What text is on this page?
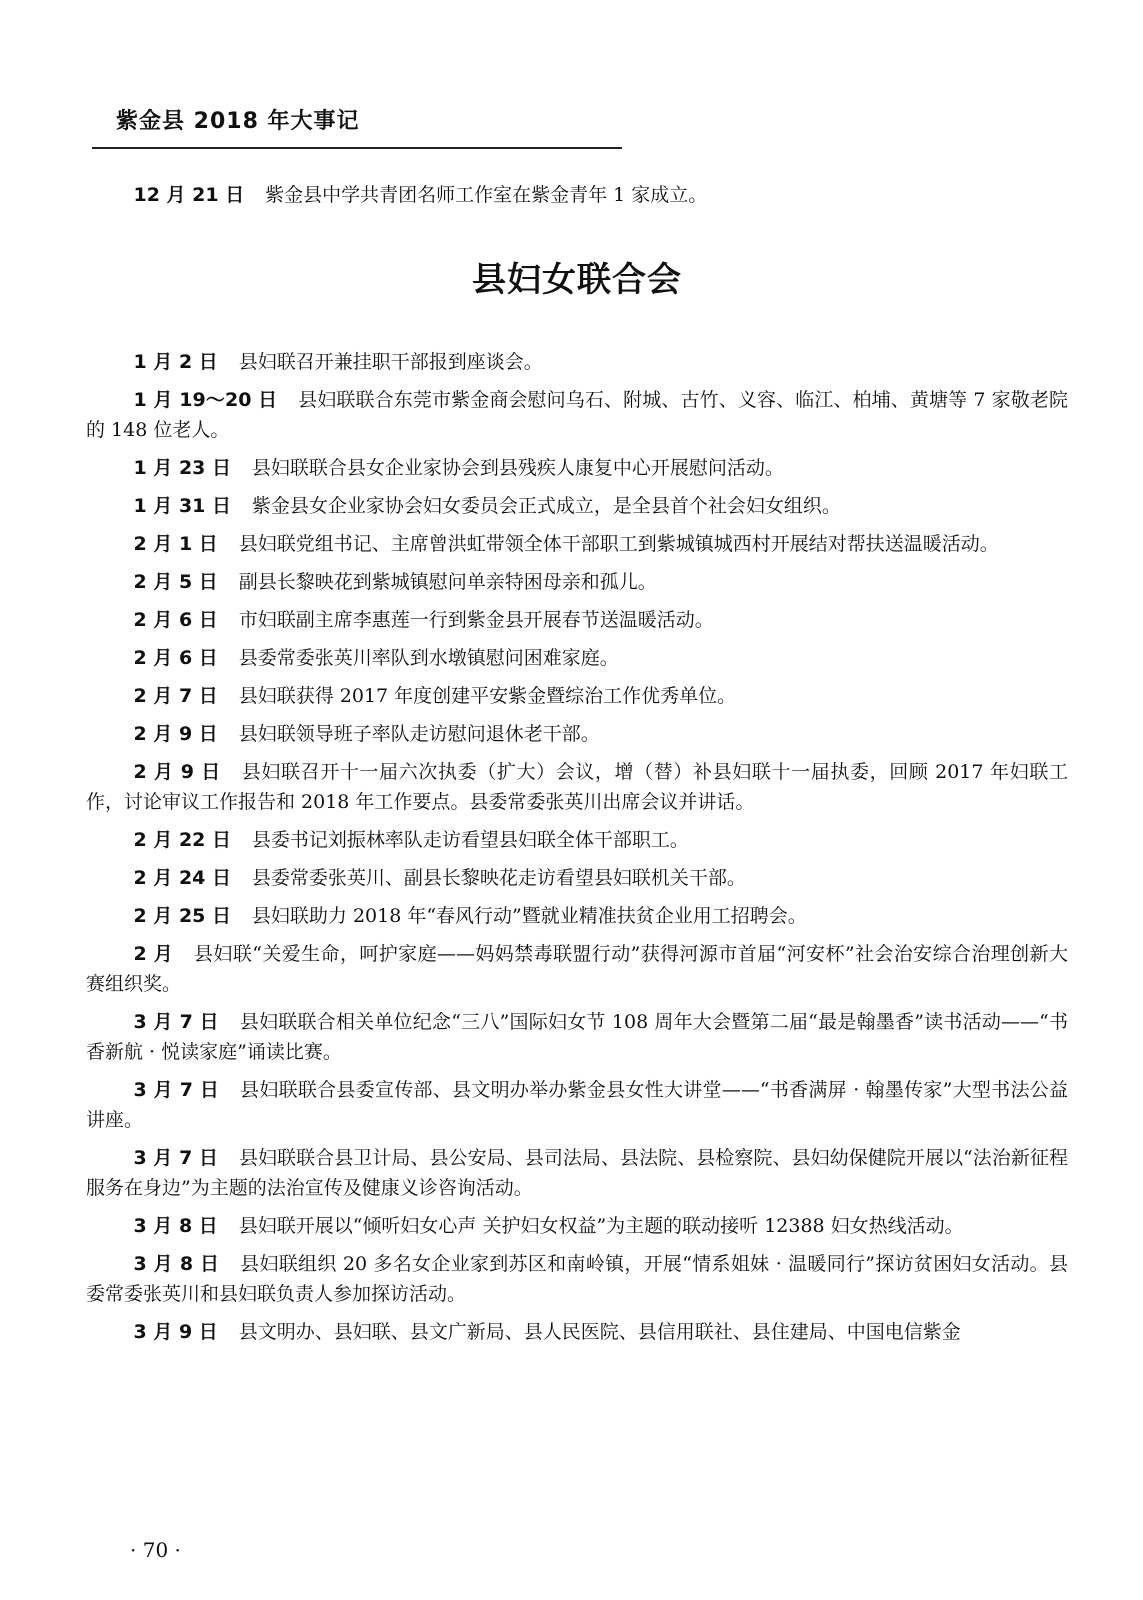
紫金县 2018 年大事记

12 月 21 日 紫金县中学共青团名师工作室在紫金青年 1 家成立。

县妇女联合会

1 月 2 日 县妇联召开兼挂职干部报到座谈会。

1 月 19～20 日 县妇联联合东莞市紫金商会慰问乌石、附城、古竹、义容、临江、柏埔、黄塘等 7 家敬老院的 148 位老人。

1 月 23 日 县妇联联合县女企业家协会到县残疾人康复中心开展慰问活动。

1 月 31 日 紫金县女企业家协会妇女委员会正式成立，是全县首个社会妇女组织。

2 月 1 日 县妇联党组书记、主席曾洪虹带领全体干部职工到紫城镇城西村开展结对帮扶送温暖活动。

2 月 5 日 副县长黎映花到紫城镇慰问单亲特困母亲和孤儿。

2 月 6 日 市妇联副主席李惠莲一行到紫金县开展春节送温暖活动。

2 月 6 日 县委常委张英川率队到水墩镇慰问困难家庭。

2 月 7 日 县妇联获得 2017 年度创建平安紫金暨综治工作优秀单位。

2 月 9 日 县妇联领导班子率队走访慰问退休老干部。

2 月 9 日 县妇联召开十一届六次执委（扩大）会议，增（替）补县妇联十一届执委，回顾 2017 年妇联工作，讨论审议工作报告和 2018 年工作要点。县委常委张英川出席会议并讲话。

2 月 22 日 县委书记刘振林率队走访看望县妇联全体干部职工。

2 月 24 日 县委常委张英川、副县长黎映花走访看望县妇联机关干部。

2 月 25 日 县妇联助力 2018 年“春风行动”暨就业精准扶贫企业用工招聘会。

2 月 县妇联“关爱生命，呵护家庭——妈妈禁毒联盟行动”获得河源市首届“河安杯”社会治安综合治理创新大赛组织奖。

3 月 7 日 县妇联联合相关单位纪念“三八”国际妇女节 108 周年大会暨第二届“最是翰墨香”读书活动——“书香新航 · 悦读家庭”诵读比赛。

3 月 7 日 县妇联联合县委宣传部、县文明办举办紫金县女性大讲堂——“书香满屏 · 翰墨传家”大型书法公益讲座。

3 月 7 日 县妇联联合县卫计局、县公安局、县司法局、县法院、县检察院、县妇幼保健院开展以“法治新征程 服务在身边”为主题的法治宣传及健康义诊咨询活动。

3 月 8 日 县妇联开展以“倾听妇女心声 关护妇女权益”为主题的联动接听 12388 妇女热线活动。

3 月 8 日 县妇联组织 20 多名女企业家到苏区和南岭镇，开展“情系姐妹 · 温暖同行”探访贫困妇女活动。县委常委张英川和县妇联负责人参加探访活动。

3 月 9 日 县文明办、县妇联、县文广新局、县人民医院、县信用联社、县住建局、中国电信紫金

· 70 ·
